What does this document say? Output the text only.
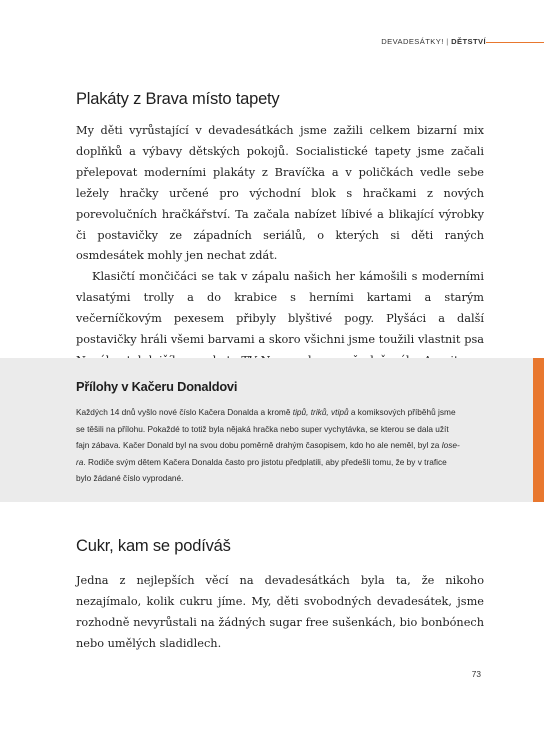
DEVADESÁTKY! | DĚTSTVÍ
Plakáty z Brava místo tapety

My děti vyrůstající v devadesátkách jsme zažili celkem bizarní mix doplňků a výbavy dětských pokojů. Socialistické tapety jsme začali přelepovat moderními plakáty z Bravíčka a v poličkách vedle sebe ležely hračky určené pro východní blok s hračkami z nových porevolučních hračkářství. Ta začala nabízet líbivé a blikající výrobky či postavičky ze západních seriálů, o kterých si děti raných osmdesátek mohly jen nechat zdát.

Klasičtí mončičáci se tak v zápalu našich her kámošili s moderními vlasatými trolly a do krabice s herními kartami a starým večerníčkovým pexesem přibyly blyštivé pogy. Plyšáci a další postavičky hráli všemi barvami a skoro všichni jsme toužili vlastnit psa

Přílohy v Kačeru Donaldovi
Každých 14 dnů vyšlo nové číslo Kačera Donalda a kromě tipů, triků, vtipů a komiksových příběhů jsme
se těšili na přílohu. Pokaždé to totiž byla nějaká hračka nebo super vychytávka, se kterou se dala užít
fajn zábava. Kačer Donald byl na svou dobu poměrně drahým časopisem, kdo ho ale neměl, byl za lose-
ra. Rodiče svým dětem Kačera Donalda často pro jistotu předplatili, aby předešli tomu, že by v trafice
bylo žádané číslo vyprodané.
Cukr, kam se podíváš

Jedna z nejlepších věcí na devadesátkách byla ta, že nikoho nezajímalo, kolik cukru jíme. My, děti svobodných devadesátek, jsme rozhodně nevyrůstali na žádných sugar free sušenkách, bio bonbónech nebo umělých sladidlech.

73
